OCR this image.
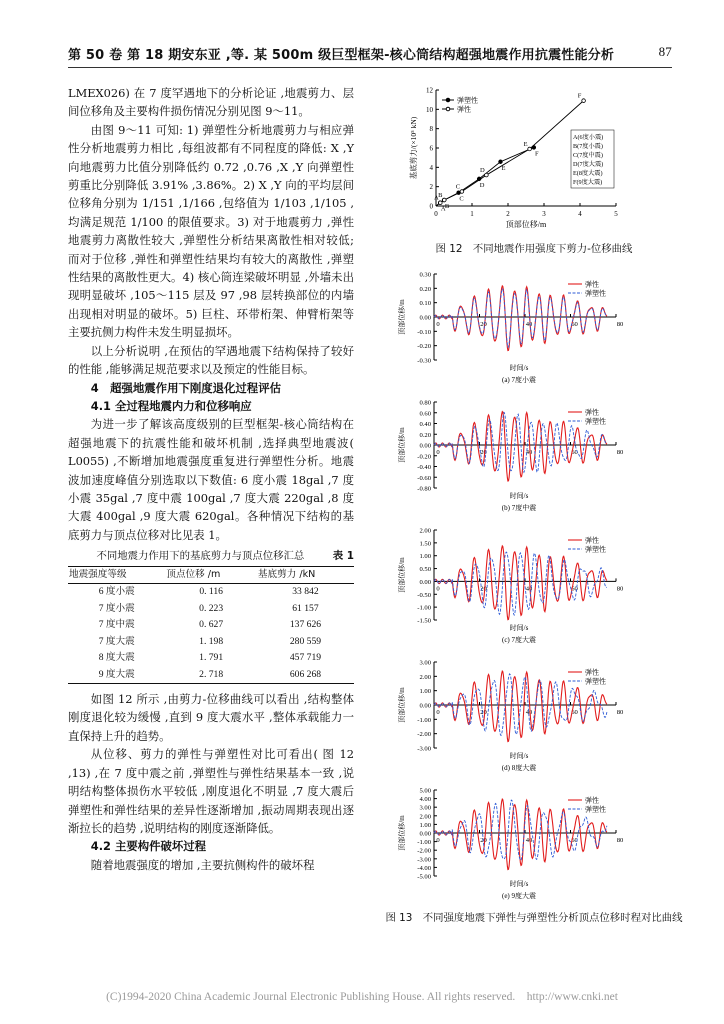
第 50 卷 第 18 期安东亚 ,等. 某 500m 级巨型框架-核心筒结构超强地震作用抗震性能分析	87

LMEX026) 在 7 度罕遇地下的分析论证 ,地震剪力、层间位移角及主要构件损伤情况分别见图 9～11。

由图 9～11 可知: 1) 弹塑性分析地震剪力与相应弹性分析地震剪力相比 ,每组波都有不同程度的降低: X ,Y 向地震剪力比值分别降低约 0.72 ,0.76 ,X ,Y 向弹塑性剪重比分别降低 3.91% ,3.86%。2) X ,Y 向的平均层间位移角分别为 1/151 ,1/166 ,包络值为 1/103 ,1/105 ,均满足规范 1/100 的限值要求。3) 对于地震剪力 ,弹性地震剪力离散性较大 ,弹塑性分析结果离散性相对较低; 而对于位移 ,弹性和弹塑性结果均有较大的离散性 ,弹塑性结果的离散性更大。4) 核心筒连梁破坏明显 ,外墙未出现明显破坏 ,105～115 层及 97 ,98 层转换部位的内墙出现相对明显的破坏。5) 巨柱、环带桁架、伸臂桁架等主要抗侧力构件未发生明显损坏。

以上分析说明 ,在预估的罕遇地震下结构保持了较好的性能 ,能够满足规范要求以及预定的性能目标。

4　超强地震作用下刚度退化过程评估

4.1 全过程地震内力和位移响应

为进一步了解该高度级别的巨型框架-核心筒结构在超强地震下的抗震性能和破坏机制 ,选择典型地震波( L0055) ,不断增加地震强度重复进行弹塑性分析。地震波加速度峰值分别选取以下数值: 6 度小震 18gal ,7 度小震 35gal ,7 度中震 100gal ,7 度大震 220gal ,8 度大震 400gal ,9 度大震 620gal。各种情况下结构的基底剪力与顶点位移对比见表 1。

不同地震力作用下的基底剪力与顶点位移汇总	表 1
地震强度等级	顶点位移 /m	基底剪力 /kN
6 度小震	0. 116	33 842
7 度小震	0. 223	61 157
7 度中震	0. 627	137 626
7 度大震	1. 198	280 559
8 度大震	1. 791	457 719
9 度大震	2. 718	606 268

如图 12 所示 ,由剪力-位移曲线可以看出 ,结构整体刚度退化较为缓慢 ,直到 9 度大震水平 ,整体承载能力一直保持上升的趋势。

从位移、剪力的弹性与弹塑性对比可看出( 图 12 ,13) ,在 7 度中震之前 ,弹塑性与弹性结果基本一致 ,说明结构整体损伤水平较低 ,刚度退化不明显 ,7 度大震后弹塑性和弹性结果的差异性逐渐增加 ,振动周期表现出逐渐拉长的趋势 ,说明结构的刚度逐渐降低。

4.2 主要构件破坏过程

随着地震强度的增加 ,主要抗侧构件的破坏程

0	1	2	3	4	5
0
2
4
6
8
10
12
顶部位移/m
基底剪力/(×10⁵ kN)
A B
C
D
E
F
A B
C
D
E
F
弹塑性
弹性
A(6度小震)
B(7度小震)
C(7度中震)
D(7度大震)
E(8度大震)
F(9度大震)
图 12　不同地震作用强度下剪力-位移曲线
0.30
0.20
0.10
0.00
-0.10
-0.20
-0.30
0	20	40	60	80
顶部位移/m
时间/s
(a) 7度小震
弹性
弹塑性
0.80
0.60
0.40
0.20
0.00
-0.20
-0.40
-0.60
-0.80
0	20	40	60	80
顶部位移/m
时间/s
(b) 7度中震
弹性
弹塑性
2.00
1.50
1.00
0.50
0.00
-0.50
-1.00
-1.50
0	20	40	60	80
顶部位移/m
时间/s
(c) 7度大震
弹性
弹塑性
3.00
2.00
1.00
0.00
-1.00
-2.00
-3.00
0	20	40	60	80
顶部位移/m
时间/s
(d) 8度大震
弹性
弹塑性
5.00
4.00
3.00
2.00
1.00
0.00
-1.00
-2.00
-3.00
-4.00
-5.00
0	20	40	60	80
顶部位移/m
时间/s
(e) 9度大震
弹性
弹塑性
图 13　不同强度地震下弹性与弹塑性分析顶点位移时程对比曲线
(C)1994-2020 China Academic Journal Electronic Publishing House. All rights reserved.　http://www.cnki.net
